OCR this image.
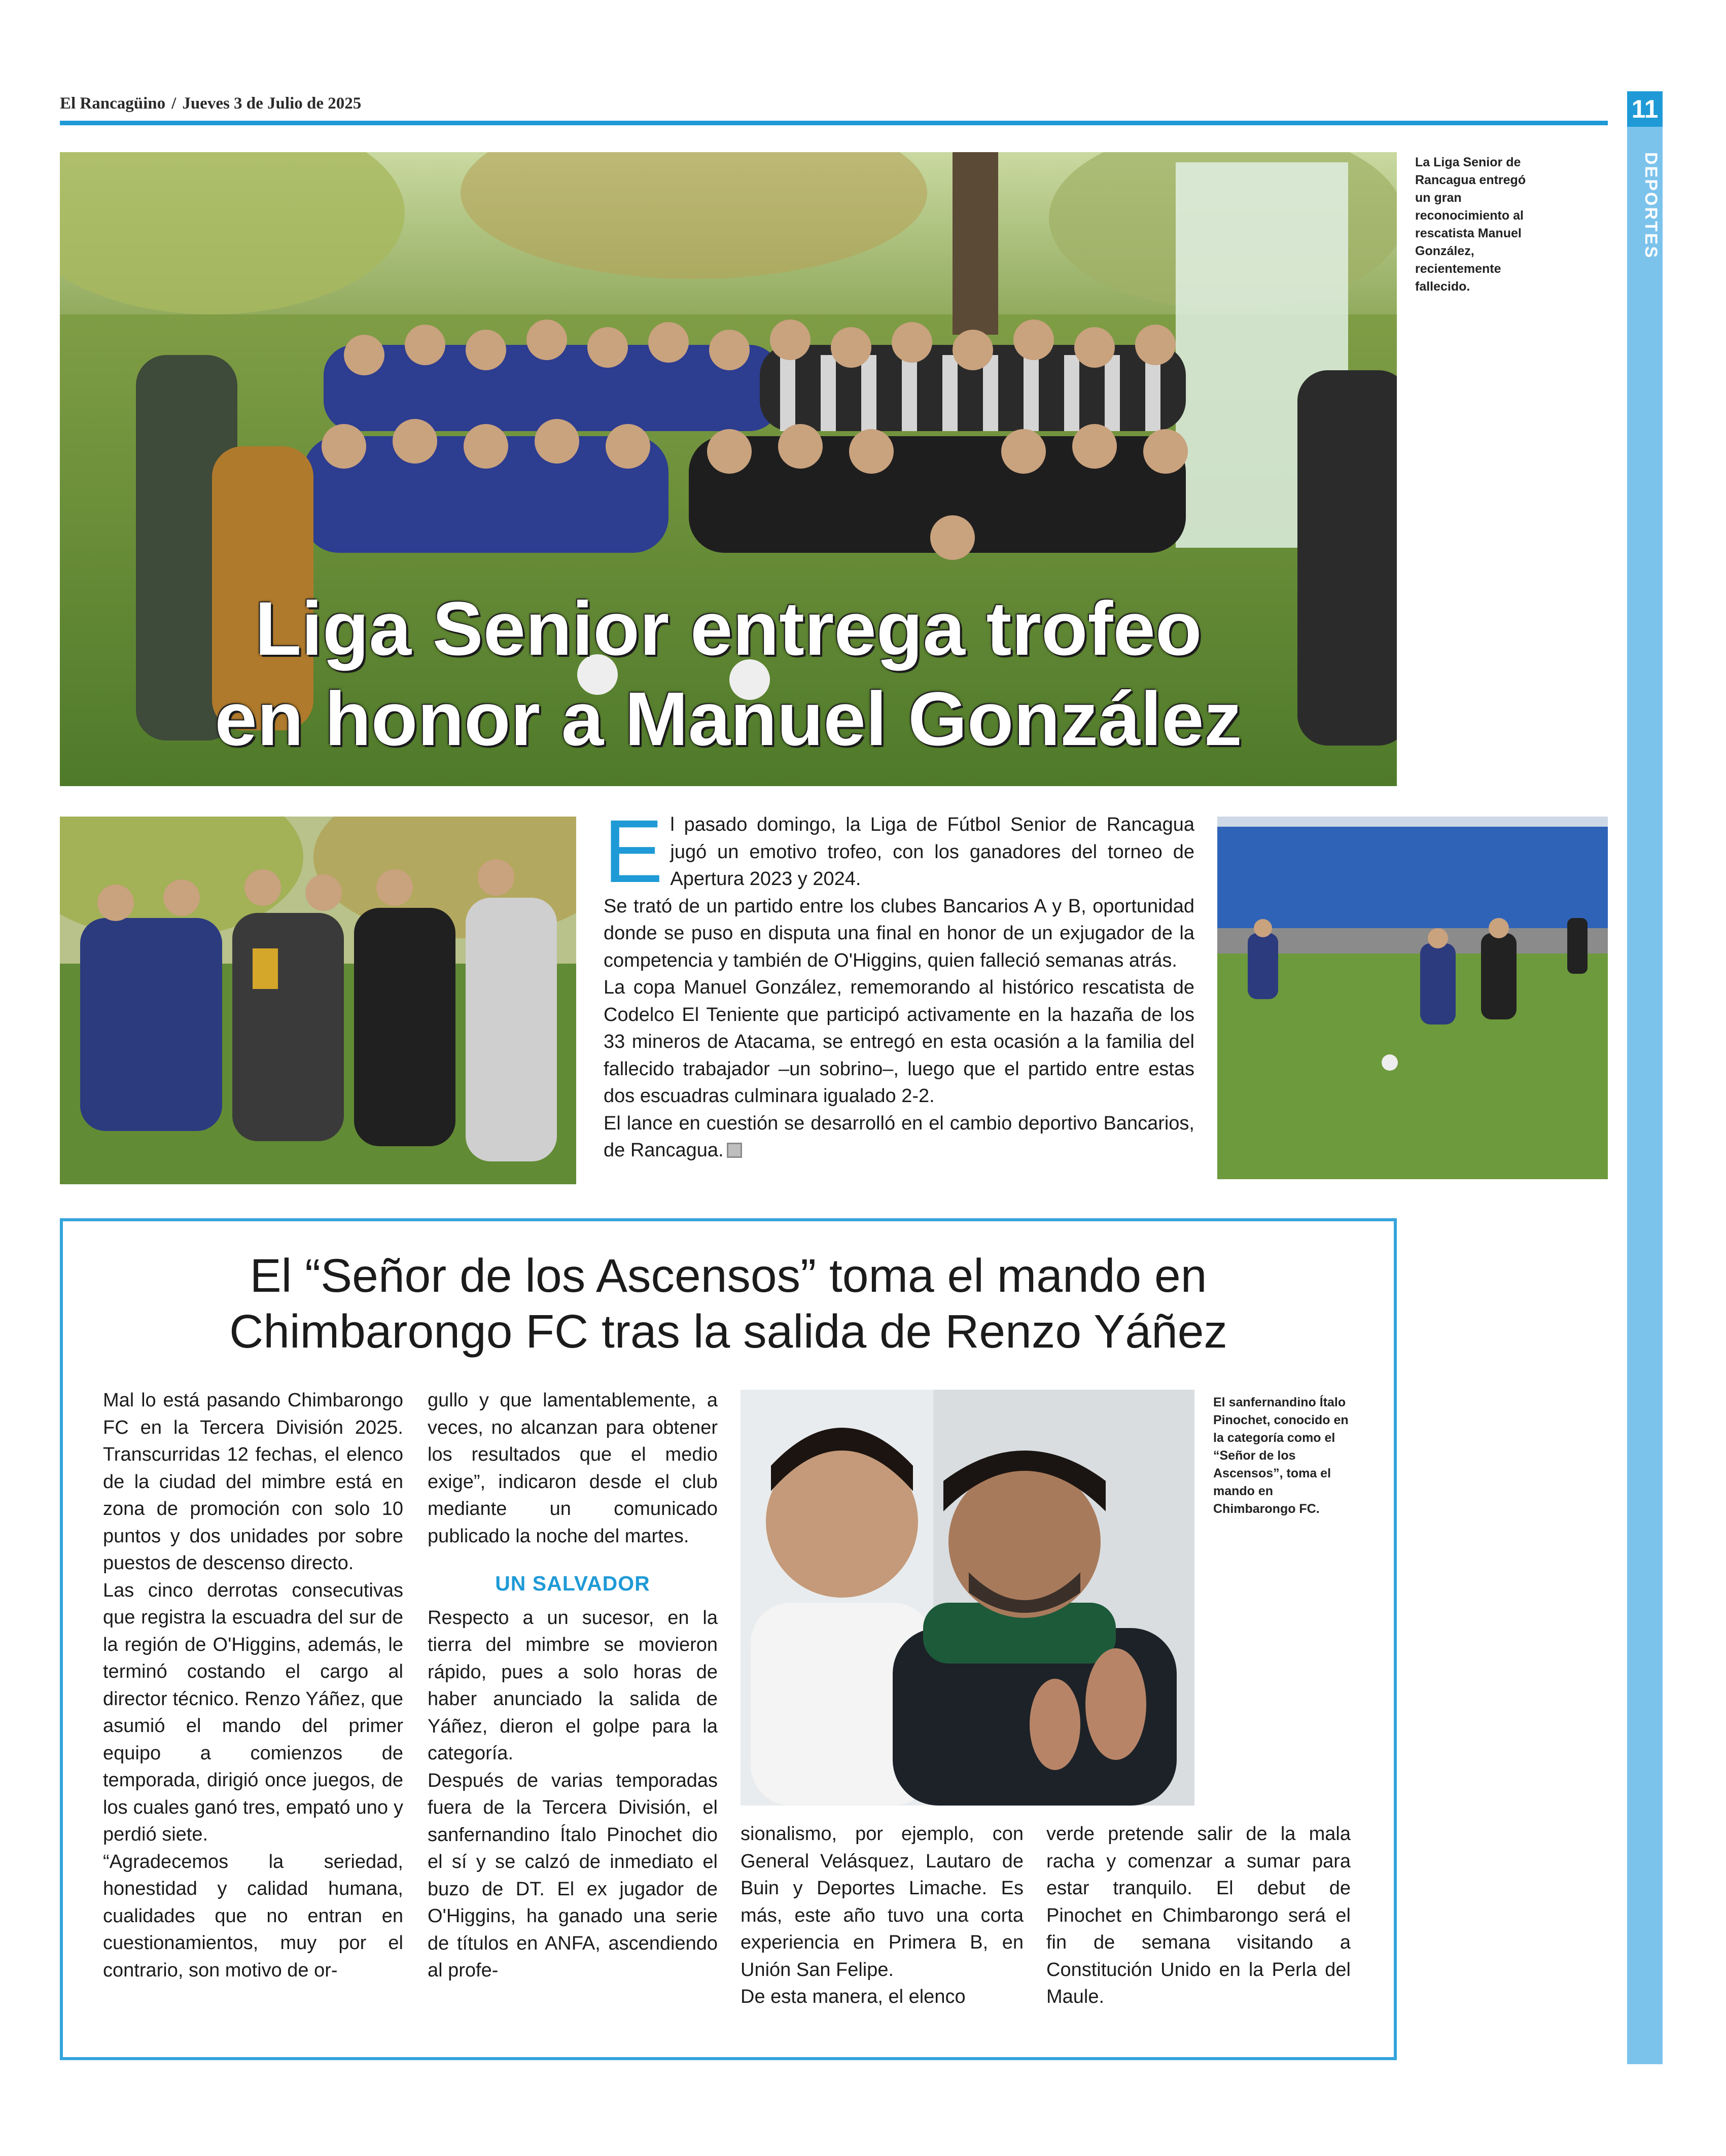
El Rancagüino / Jueves 3 de Julio de 2025	11
DEPORTES
Liga Senior entrega trofeo
en honor a Manuel González
La Liga Senior de Rancagua entregó un gran reconocimiento al rescatista Manuel González, recientemente fallecido.

El pasado domingo, la Liga de Fútbol Senior de Rancagua jugó un emotivo trofeo, con los ganadores del torneo de Apertura 2023 y 2024.

Se trató de un partido entre los clubes Bancarios A y B, oportunidad donde se puso en disputa una final en honor de un exjugador de la competencia y también de O'Higgins, quien falleció semanas atrás.

La copa Manuel González, rememorando al histórico rescatista de Codelco El Teniente que participó activamente en la hazaña de los 33 mineros de Atacama, se entregó en esta ocasión a la familia del fallecido trabajador –un sobrino–, luego que el partido entre estas dos escuadras culminara igualado 2-2.

El lance en cuestión se desarrolló en el cambio deportivo Bancarios, de Rancagua.

El “Señor de los Ascensos” toma el mando en
Chimbarongo FC tras la salida de Renzo Yáñez

Mal lo está pasando Chimbarongo FC en la Tercera División 2025. Transcurridas 12 fechas, el elenco de la ciudad del mimbre está en zona de promoción con solo 10 puntos y dos unidades por sobre puestos de descenso directo.

Las cinco derrotas consecutivas que registra la escuadra del sur de la región de O'Higgins, además, le terminó costando el cargo al director técnico. Renzo Yáñez, que asumió el mando del primer equipo a comienzos de temporada, dirigió once juegos, de los cuales ganó tres, empató uno y perdió siete.

“Agradecemos la seriedad, honestidad y calidad humana, cualidades que no entran en cuestionamientos, muy por el contrario, son motivo de or-

gullo y que lamentablemente, a veces, no alcanzan para obtener los resultados que el medio exige”, indicaron desde el club mediante un comunicado publicado la noche del martes.

UN SALVADOR

Respecto a un sucesor, en la tierra del mimbre se movieron rápido, pues a solo horas de haber anunciado la salida de Yáñez, dieron el golpe para la categoría.

Después de varias temporadas fuera de la Tercera División, el sanfernandino Ítalo Pinochet dio el sí y se calzó de inmediato el buzo de DT. El ex jugador de O'Higgins, ha ganado una serie de títulos en ANFA, ascendiendo al profe-

El sanfernandino Ítalo Pinochet, conocido en la categoría como el “Señor de los Ascensos”, toma el mando en Chimbarongo FC.

sionalismo, por ejemplo, con General Velásquez, Lautaro de Buin y Deportes Limache. Es más, este año tuvo una corta experiencia en Primera B, en Unión San Felipe.

De esta manera, el elenco

verde pretende salir de la mala racha y comenzar a sumar para estar tranquilo. El debut de Pinochet en Chimbarongo será el fin de semana visitando a Constitución Unido en la Perla del Maule.
